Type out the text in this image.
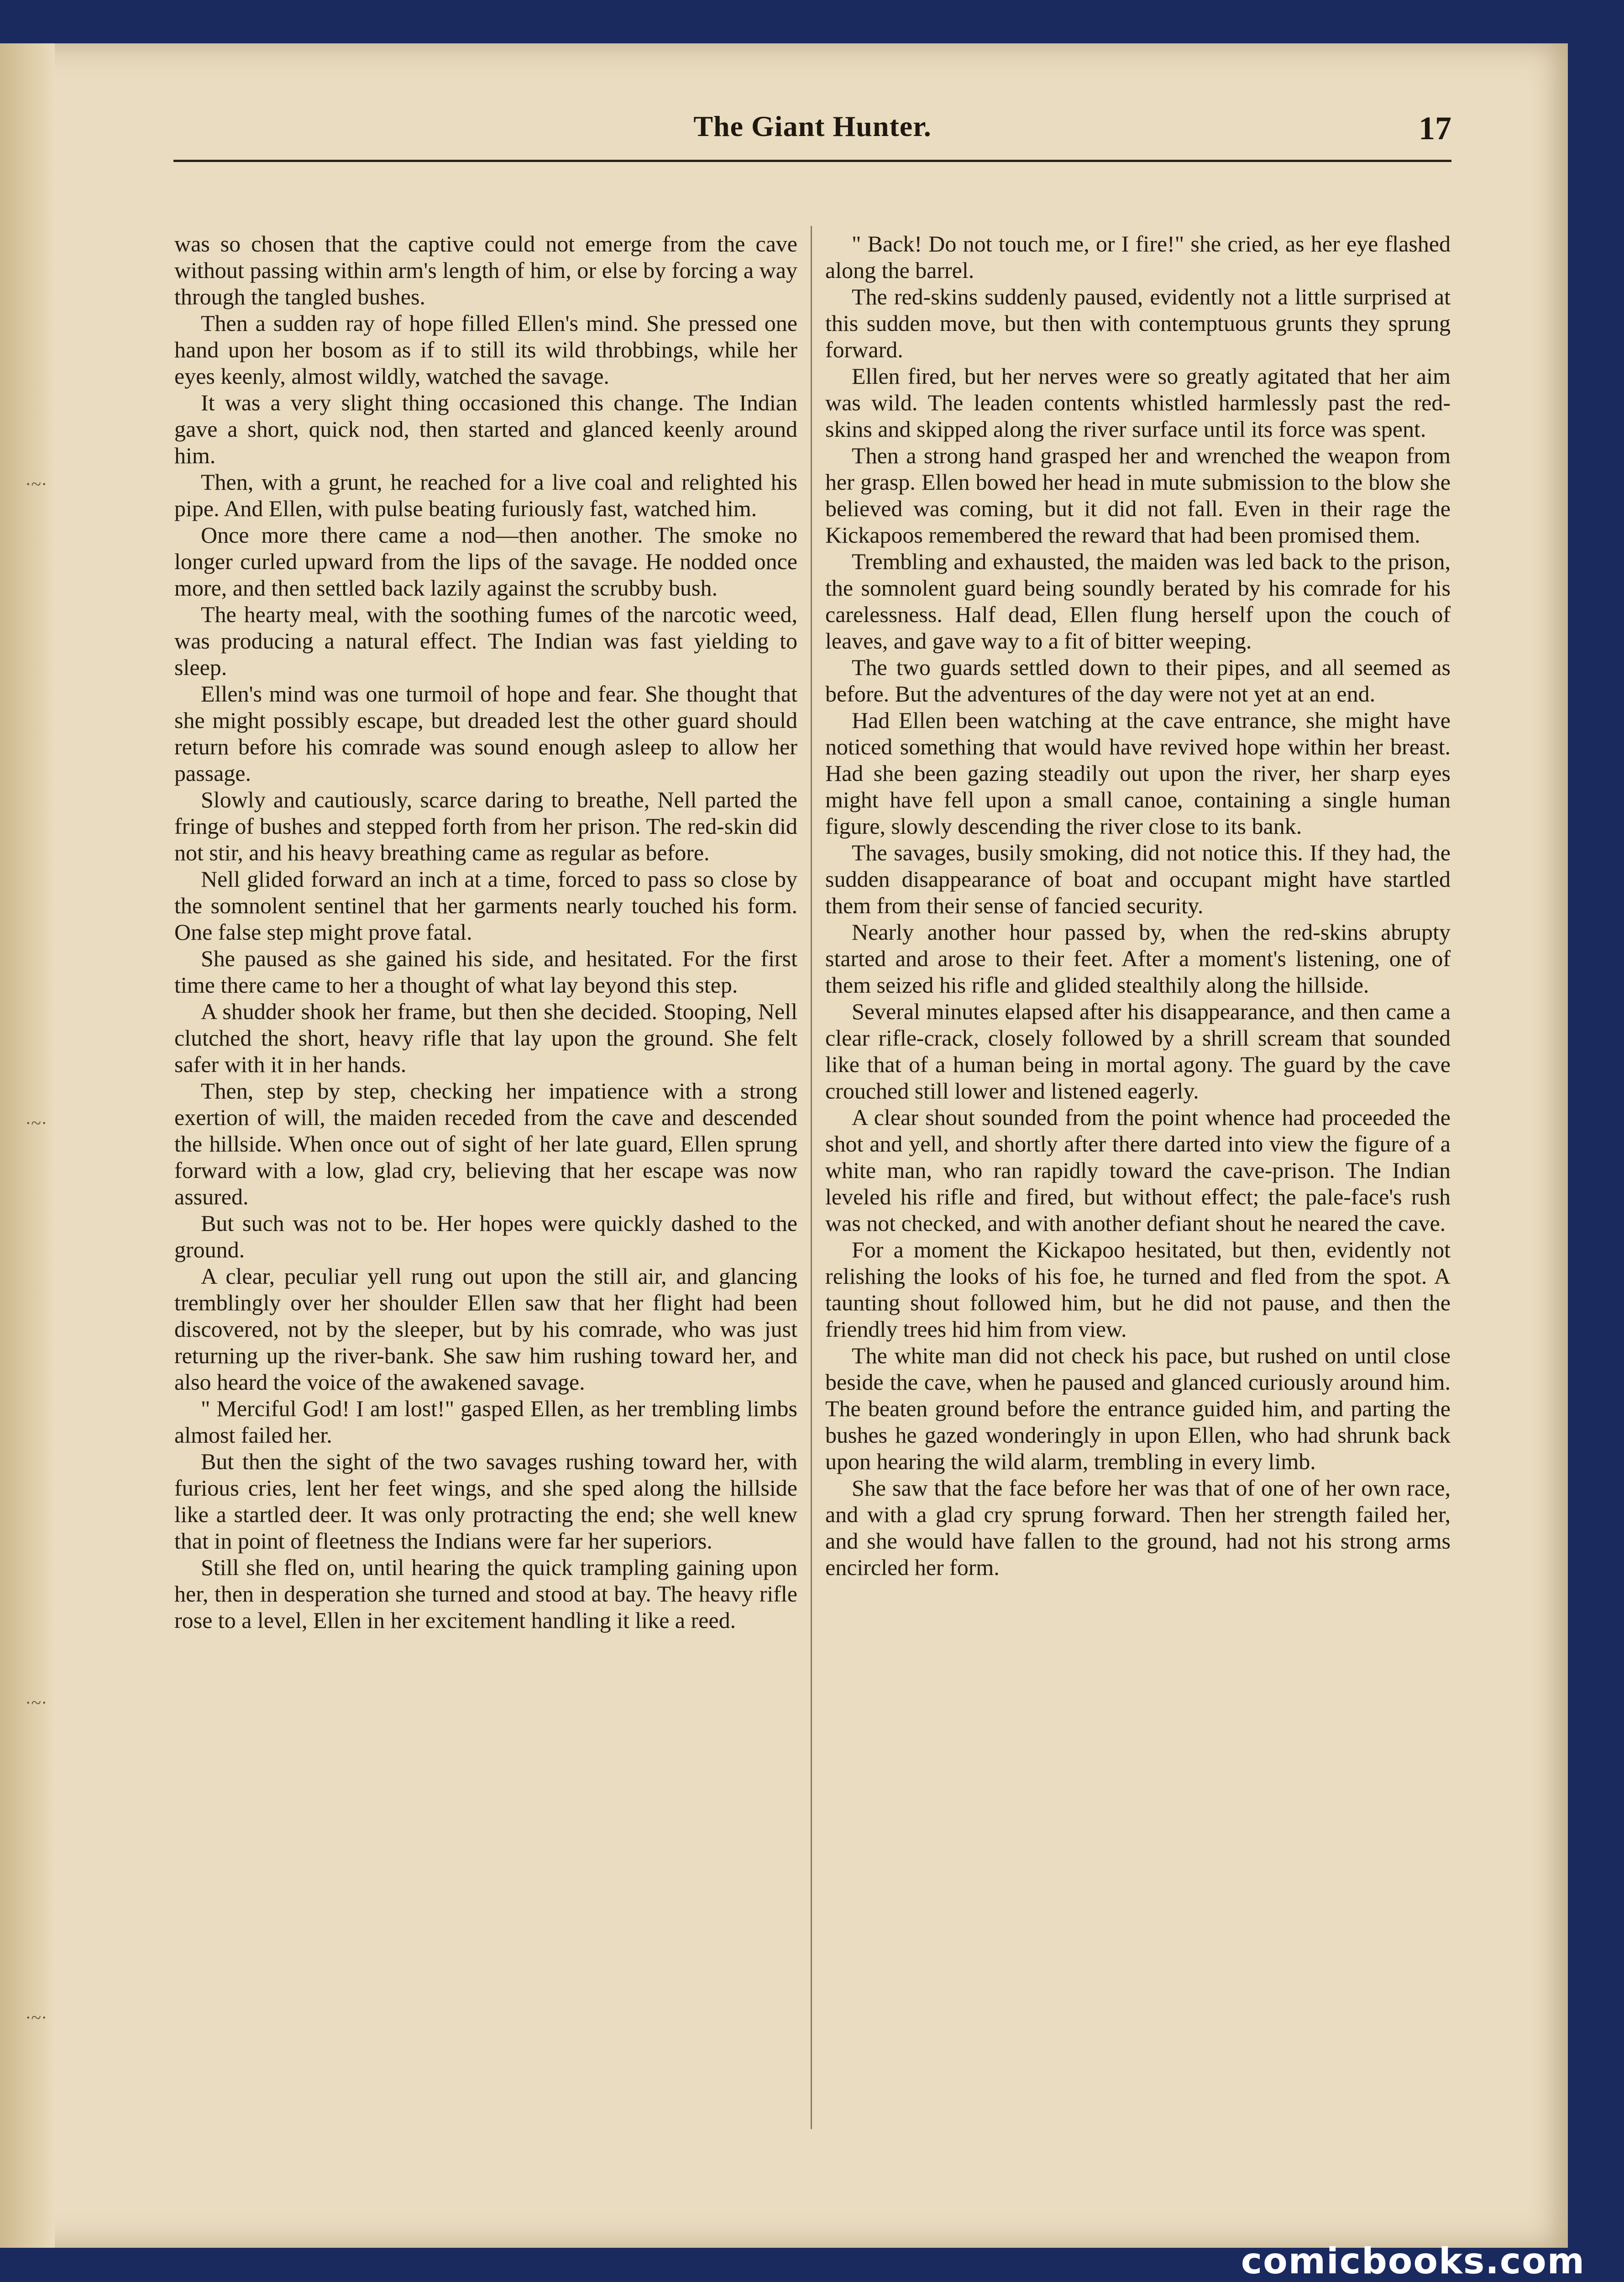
·~·
·~·
·~·
·~·
The Giant Hunter.	17

was so chosen that the captive could not emerge from the cave without passing within arm's length of him, or else by forcing a way through the tangled bushes.

Then a sudden ray of hope filled Ellen's mind. She pressed one hand upon her bosom as if to still its wild throbbings, while her eyes keenly, almost wildly, watched the savage.

It was a very slight thing occasioned this change. The Indian gave a short, quick nod, then started and glanced keenly around him.

Then, with a grunt, he reached for a live coal and relighted his pipe. And Ellen, with pulse beating furiously fast, watched him.

Once more there came a nod—then another. The smoke no longer curled upward from the lips of the savage. He nodded once more, and then settled back lazily against the scrubby bush.

The hearty meal, with the soothing fumes of the narcotic weed, was producing a natural effect. The Indian was fast yielding to sleep.

Ellen's mind was one turmoil of hope and fear. She thought that she might possibly escape, but dreaded lest the other guard should return before his comrade was sound enough asleep to allow her passage.

Slowly and cautiously, scarce daring to breathe, Nell parted the fringe of bushes and stepped forth from her prison. The red-skin did not stir, and his heavy breathing came as regular as before.

Nell glided forward an inch at a time, forced to pass so close by the somnolent sentinel that her garments nearly touched his form. One false step might prove fatal.

She paused as she gained his side, and hesitated. For the first time there came to her a thought of what lay beyond this step.

A shudder shook her frame, but then she decided. Stooping, Nell clutched the short, heavy rifle that lay upon the ground. She felt safer with it in her hands.

Then, step by step, checking her impatience with a strong exertion of will, the maiden receded from the cave and descended the hillside. When once out of sight of her late guard, Ellen sprung forward with a low, glad cry, believing that her escape was now assured.

But such was not to be. Her hopes were quickly dashed to the ground.

A clear, peculiar yell rung out upon the still air, and glancing tremblingly over her shoulder Ellen saw that her flight had been discovered, not by the sleeper, but by his comrade, who was just returning up the river-bank. She saw him rushing toward her, and also heard the voice of the awakened savage.

" Merciful God! I am lost!" gasped Ellen, as her trembling limbs almost failed her.

But then the sight of the two savages rushing toward her, with furious cries, lent her feet wings, and she sped along the hillside like a startled deer. It was only protracting the end; she well knew that in point of fleetness the Indians were far her superiors.

Still she fled on, until hearing the quick trampling gaining upon her, then in desperation she turned and stood at bay. The heavy rifle rose to a level, Ellen in her excitement handling it like a reed.

" Back! Do not touch me, or I fire!" she cried, as her eye flashed along the barrel.

The red-skins suddenly paused, evidently not a little surprised at this sudden move, but then with contemptuous grunts they sprung forward.

Ellen fired, but her nerves were so greatly agitated that her aim was wild. The leaden contents whistled harmlessly past the red-skins and skipped along the river surface until its force was spent.

Then a strong hand grasped her and wrenched the weapon from her grasp. Ellen bowed her head in mute submission to the blow she believed was coming, but it did not fall. Even in their rage the Kickapoos remembered the reward that had been promised them.

Trembling and exhausted, the maiden was led back to the prison, the somnolent guard being soundly berated by his comrade for his carelessness. Half dead, Ellen flung herself upon the couch of leaves, and gave way to a fit of bitter weeping.

The two guards settled down to their pipes, and all seemed as before. But the adventures of the day were not yet at an end.

Had Ellen been watching at the cave entrance, she might have noticed something that would have revived hope within her breast. Had she been gazing steadily out upon the river, her sharp eyes might have fell upon a small canoe, containing a single human figure, slowly descending the river close to its bank.

The savages, busily smoking, did not notice this. If they had, the sudden disappearance of boat and occupant might have startled them from their sense of fancied security.

Nearly another hour passed by, when the red-skins abrupty started and arose to their feet. After a moment's listening, one of them seized his rifle and glided stealthily along the hillside.

Several minutes elapsed after his disappearance, and then came a clear rifle-crack, closely followed by a shrill scream that sounded like that of a human being in mortal agony. The guard by the cave crouched still lower and listened eagerly.

A clear shout sounded from the point whence had proceeded the shot and yell, and shortly after there darted into view the figure of a white man, who ran rapidly toward the cave-prison. The Indian leveled his rifle and fired, but without effect; the pale-face's rush was not checked, and with another defiant shout he neared the cave.

For a moment the Kickapoo hesitated, but then, evidently not relishing the looks of his foe, he turned and fled from the spot. A taunting shout followed him, but he did not pause, and then the friendly trees hid him from view.

The white man did not check his pace, but rushed on until close beside the cave, when he paused and glanced curiously around him. The beaten ground before the entrance guided him, and parting the bushes he gazed wonderingly in upon Ellen, who had shrunk back upon hearing the wild alarm, trembling in every limb.

She saw that the face before her was that of one of her own race, and with a glad cry sprung forward. Then her strength failed her, and she would have fallen to the ground, had not his strong arms encircled her form.

comicbooks.com
